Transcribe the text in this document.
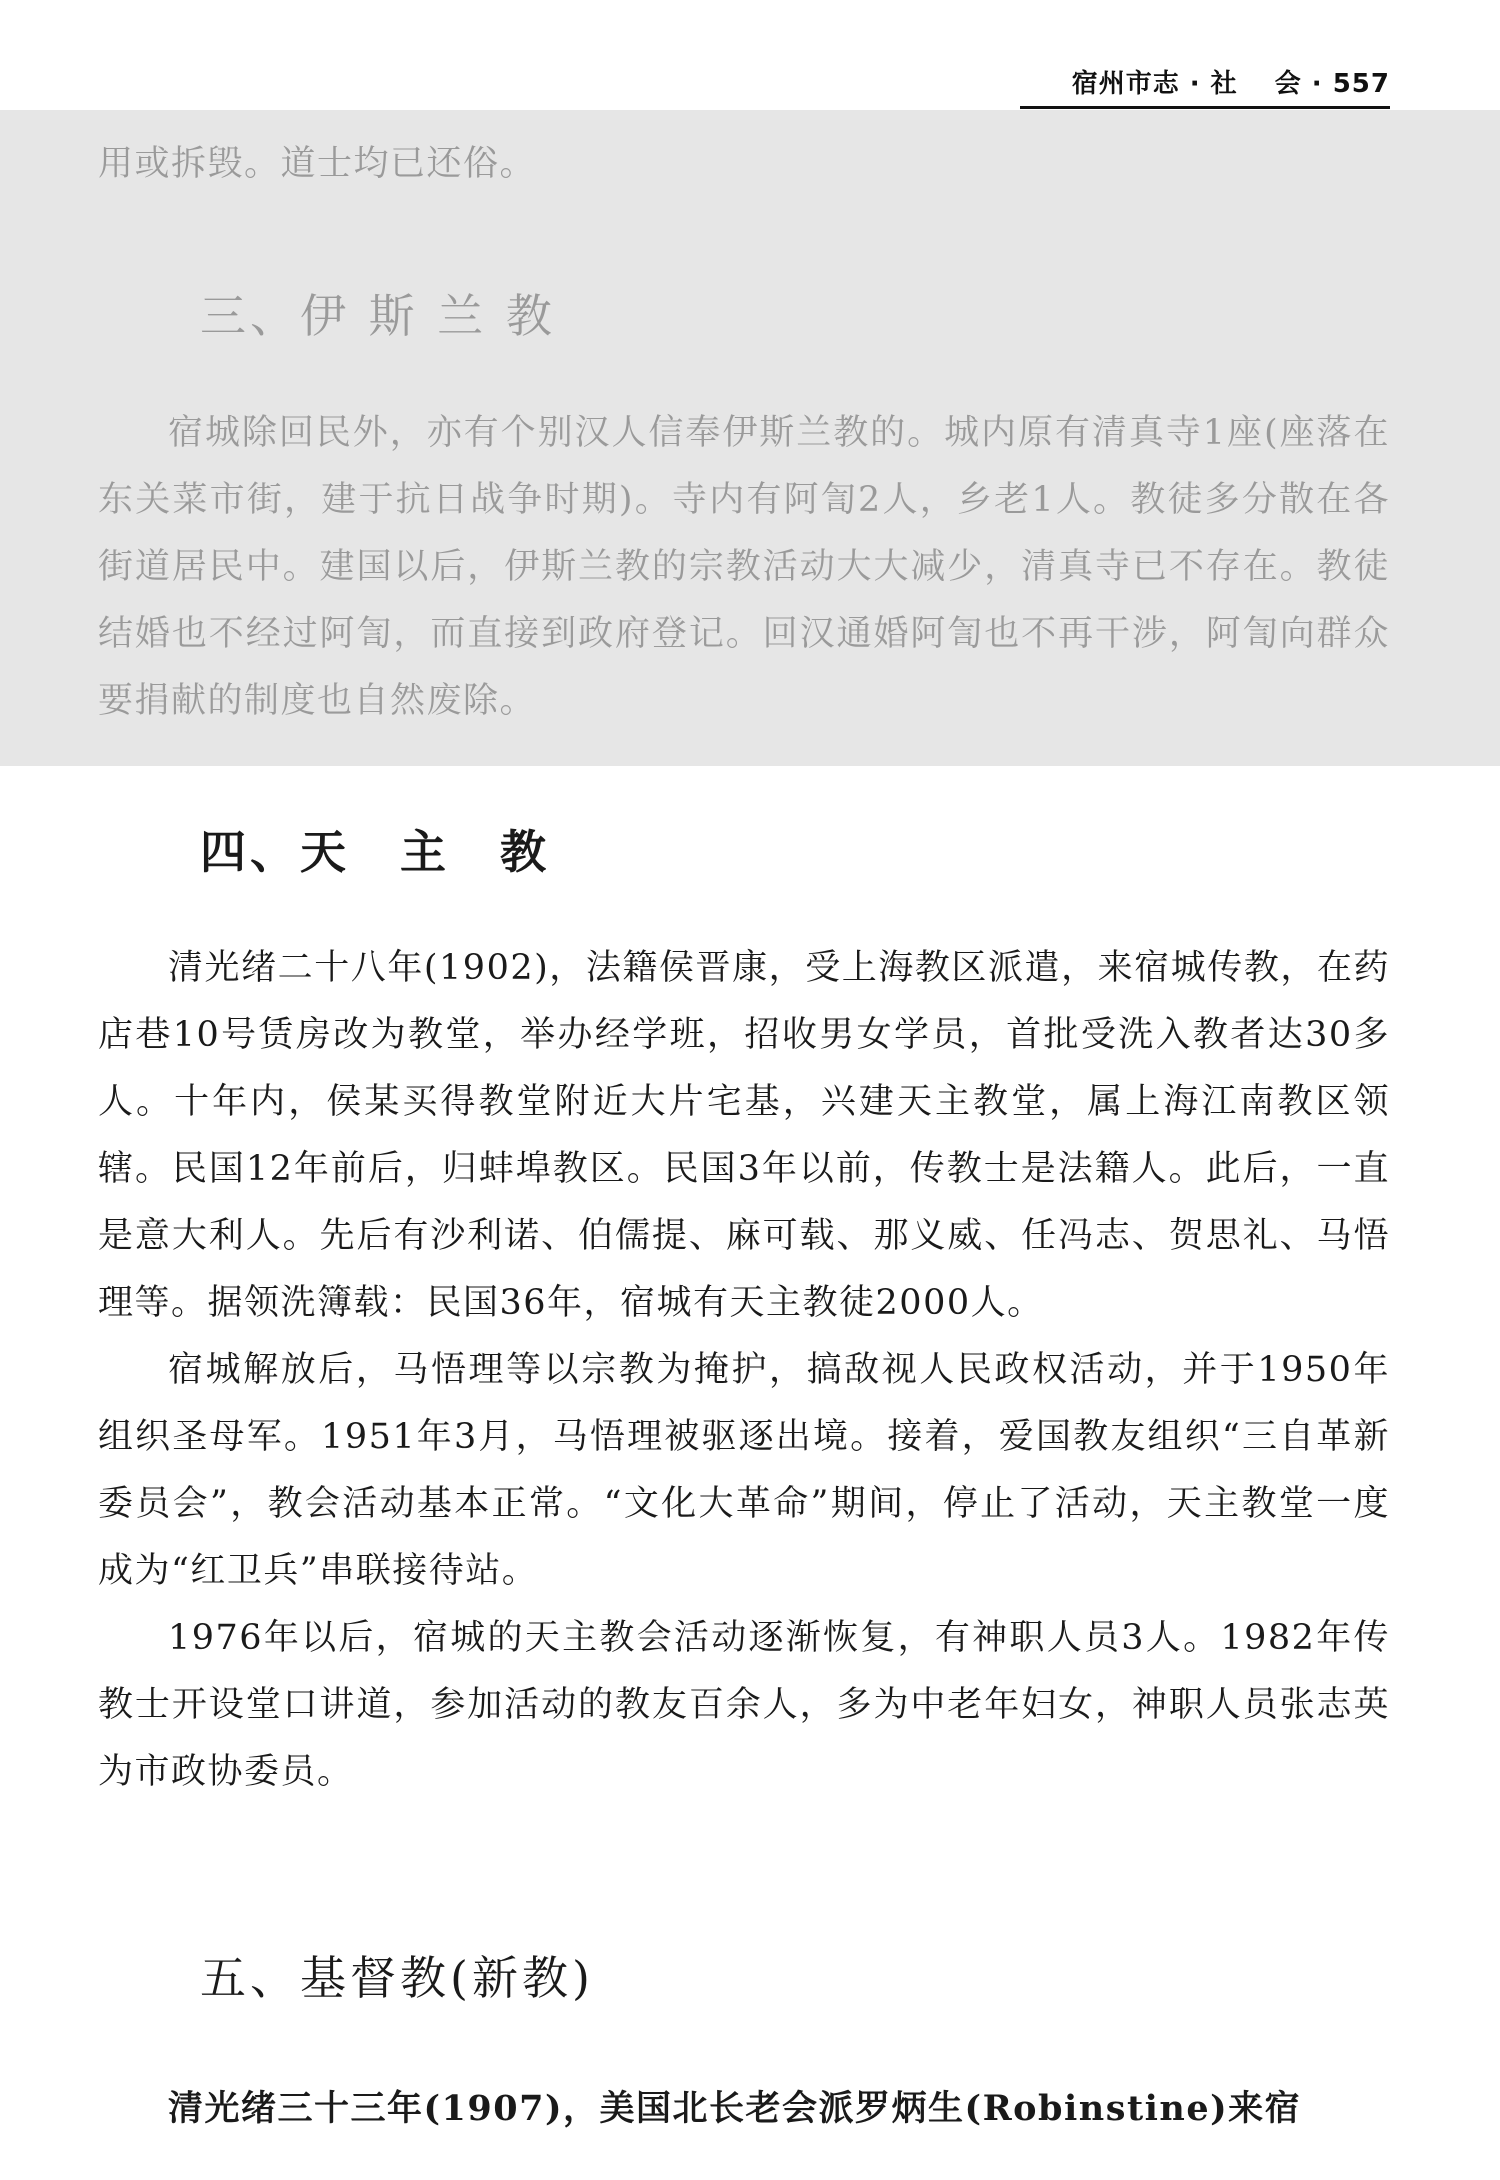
宿州市志 · 社　 会 · 557
用或拆毁。道士均已还俗。
三、伊 斯 兰 教

宿城除回民外，亦有个别汉人信奉伊斯兰教的。城内原有清真寺1座(座落在东关菜市街，建于抗日战争时期)。寺内有阿訇2人，乡老1人。教徒多分散在各街道居民中。建国以后，伊斯兰教的宗教活动大大减少，清真寺已不存在。教徒结婚也不经过阿訇，而直接到政府登记。回汉通婚阿訇也不再干涉，阿訇向群众要捐献的制度也自然废除。

四、天　主　教

清光绪二十八年(1902)，法籍侯晋康，受上海教区派遣，来宿城传教，在药店巷10号赁房改为教堂，举办经学班，招收男女学员，首批受洗入教者达30多人。十年内，侯某买得教堂附近大片宅基，兴建天主教堂，属上海江南教区领辖。民国12年前后，归蚌埠教区。民国3年以前，传教士是法籍人。此后，一直是意大利人。先后有沙利诺、伯儒提、麻可载、那义威、任冯志、贺思礼、马悟理等。据领洗簿载：民国36年，宿城有天主教徒2000人。

宿城解放后，马悟理等以宗教为掩护，搞敌视人民政权活动，并于1950年组织圣母军。1951年3月，马悟理被驱逐出境。接着，爱国教友组织“三自革新委员会”，教会活动基本正常。“文化大革命”期间，停止了活动，天主教堂一度成为“红卫兵”串联接待站。

1976年以后，宿城的天主教会活动逐渐恢复，有神职人员3人。1982年传教士开设堂口讲道，参加活动的教友百余人，多为中老年妇女，神职人员张志英为市政协委员。

五、基督教(新教)

清光绪三十三年(1907)，美国北长老会派罗炳生(Robinstine)来宿
